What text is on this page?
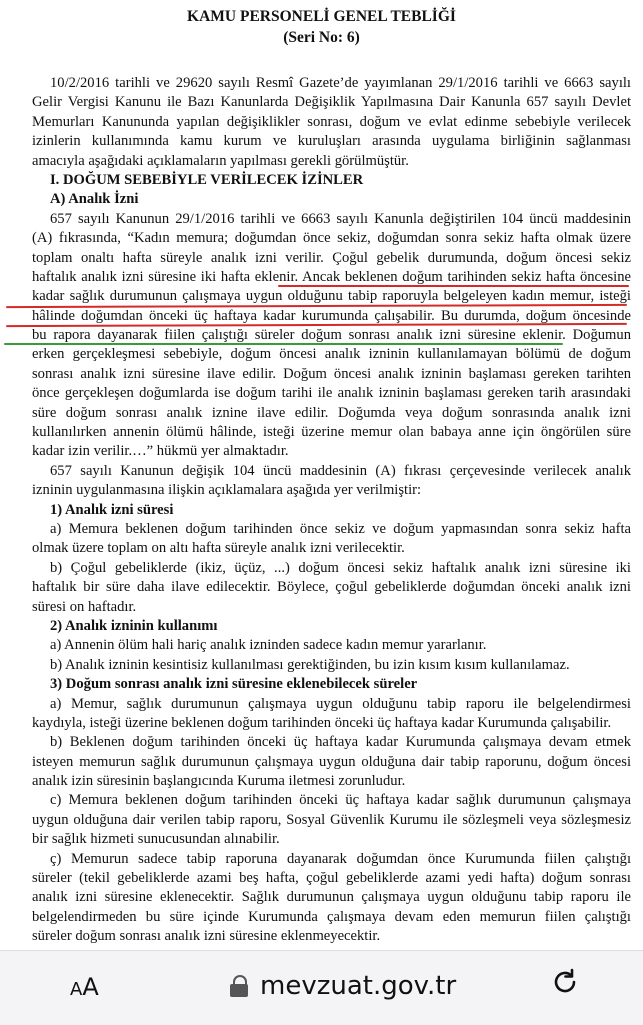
KAMU PERSONELİ GENEL TEBLİĞİ
(Seri No: 6)
10/2/2016 tarihli ve 29620 sayılı Resmî Gazete’de yayımlanan 29/1/2016 tarihli ve 6663 sayılı
Gelir Vergisi Kanunu ile Bazı Kanunlarda Değişiklik Yapılmasına Dair Kanunla 657 sayılı Devlet
Memurları Kanununda yapılan değişiklikler sonrası, doğum ve evlat edinme sebebiyle verilecek
izinlerin kullanımında kamu kurum ve kuruluşları arasında uygulama birliğinin sağlanması
amacıyla aşağıdaki açıklamaların yapılması gerekli görülmüştür.
I. DOĞUM SEBEBİYLE VERİLECEK İZİNLER
A) Analık İzni
657 sayılı Kanunun 29/1/2016 tarihli ve 6663 sayılı Kanunla değiştirilen 104 üncü maddesinin
(A) fıkrasında, “Kadın memura; doğumdan önce sekiz, doğumdan sonra sekiz hafta olmak üzere
toplam onaltı hafta süreyle analık izni verilir. Çoğul gebelik durumunda, doğum öncesi sekiz
haftalık analık izni süresine iki hafta eklenir. Ancak beklenen doğum tarihinden sekiz hafta öncesine
kadar sağlık durumunun çalışmaya uygun olduğunu tabip raporuyla belgeleyen kadın memur, isteği
hâlinde doğumdan önceki üç haftaya kadar kurumunda çalışabilir. Bu durumda, doğum öncesinde
bu rapora dayanarak fiilen çalıştığı süreler doğum sonrası analık izni süresine eklenir. Doğumun
erken gerçekleşmesi sebebiyle, doğum öncesi analık izninin kullanılamayan bölümü de doğum
sonrası analık izni süresine ilave edilir. Doğum öncesi analık izninin başlaması gereken tarihten
önce gerçekleşen doğumlarda ise doğum tarihi ile analık izninin başlaması gereken tarih arasındaki
süre doğum sonrası analık iznine ilave edilir. Doğumda veya doğum sonrasında analık izni
kullanılırken annenin ölümü hâlinde, isteği üzerine memur olan babaya anne için öngörülen süre
kadar izin verilir.…” hükmü yer almaktadır.
657 sayılı Kanunun değişik 104 üncü maddesinin (A) fıkrası çerçevesinde verilecek analık
izninin uygulanmasına ilişkin açıklamalara aşağıda yer verilmiştir:
1) Analık izni süresi
a) Memura beklenen doğum tarihinden önce sekiz ve doğum yapmasından sonra sekiz hafta
olmak üzere toplam on altı hafta süreyle analık izni verilecektir.
b) Çoğul gebeliklerde (ikiz, üçüz, ...) doğum öncesi sekiz haftalık analık izni süresine iki
haftalık bir süre daha ilave edilecektir. Böylece, çoğul gebeliklerde doğumdan önceki analık izni
süresi on haftadır.
2) Analık izninin kullanımı
a) Annenin ölüm hali hariç analık izninden sadece kadın memur yararlanır.
b) Analık izninin kesintisiz kullanılması gerektiğinden, bu izin kısım kısım kullanılamaz.
3) Doğum sonrası analık izni süresine eklenebilecek süreler
a) Memur, sağlık durumunun çalışmaya uygun olduğunu tabip raporu ile belgelendirmesi
kaydıyla, isteği üzerine beklenen doğum tarihinden önceki üç haftaya kadar Kurumunda çalışabilir.
b) Beklenen doğum tarihinden önceki üç haftaya kadar Kurumunda çalışmaya devam etmek
isteyen memurun sağlık durumunun çalışmaya uygun olduğuna dair tabip raporunu, doğum öncesi
analık izin süresinin başlangıcında Kuruma iletmesi zorunludur.
c) Memura beklenen doğum tarihinden önceki üç haftaya kadar sağlık durumunun çalışmaya
uygun olduğuna dair verilen tabip raporu, Sosyal Güvenlik Kurumu ile sözleşmeli veya sözleşmesiz
bir sağlık hizmeti sunucusundan alınabilir.
ç) Memurun sadece tabip raporuna dayanarak doğumdan önce Kurumunda fiilen çalıştığı
süreler (tekil gebeliklerde azami beş hafta, çoğul gebeliklerde azami yedi hafta) doğum sonrası
analık izni süresine eklenecektir. Sağlık durumunun çalışmaya uygun olduğunu tabip raporu ile
belgelendirmeden bu süre içinde Kurumunda çalışmaya devam eden memurun fiilen çalıştığı
süreler doğum sonrası analık izni süresine eklenmeyecektir.
AA	mevzuat.gov.tr
